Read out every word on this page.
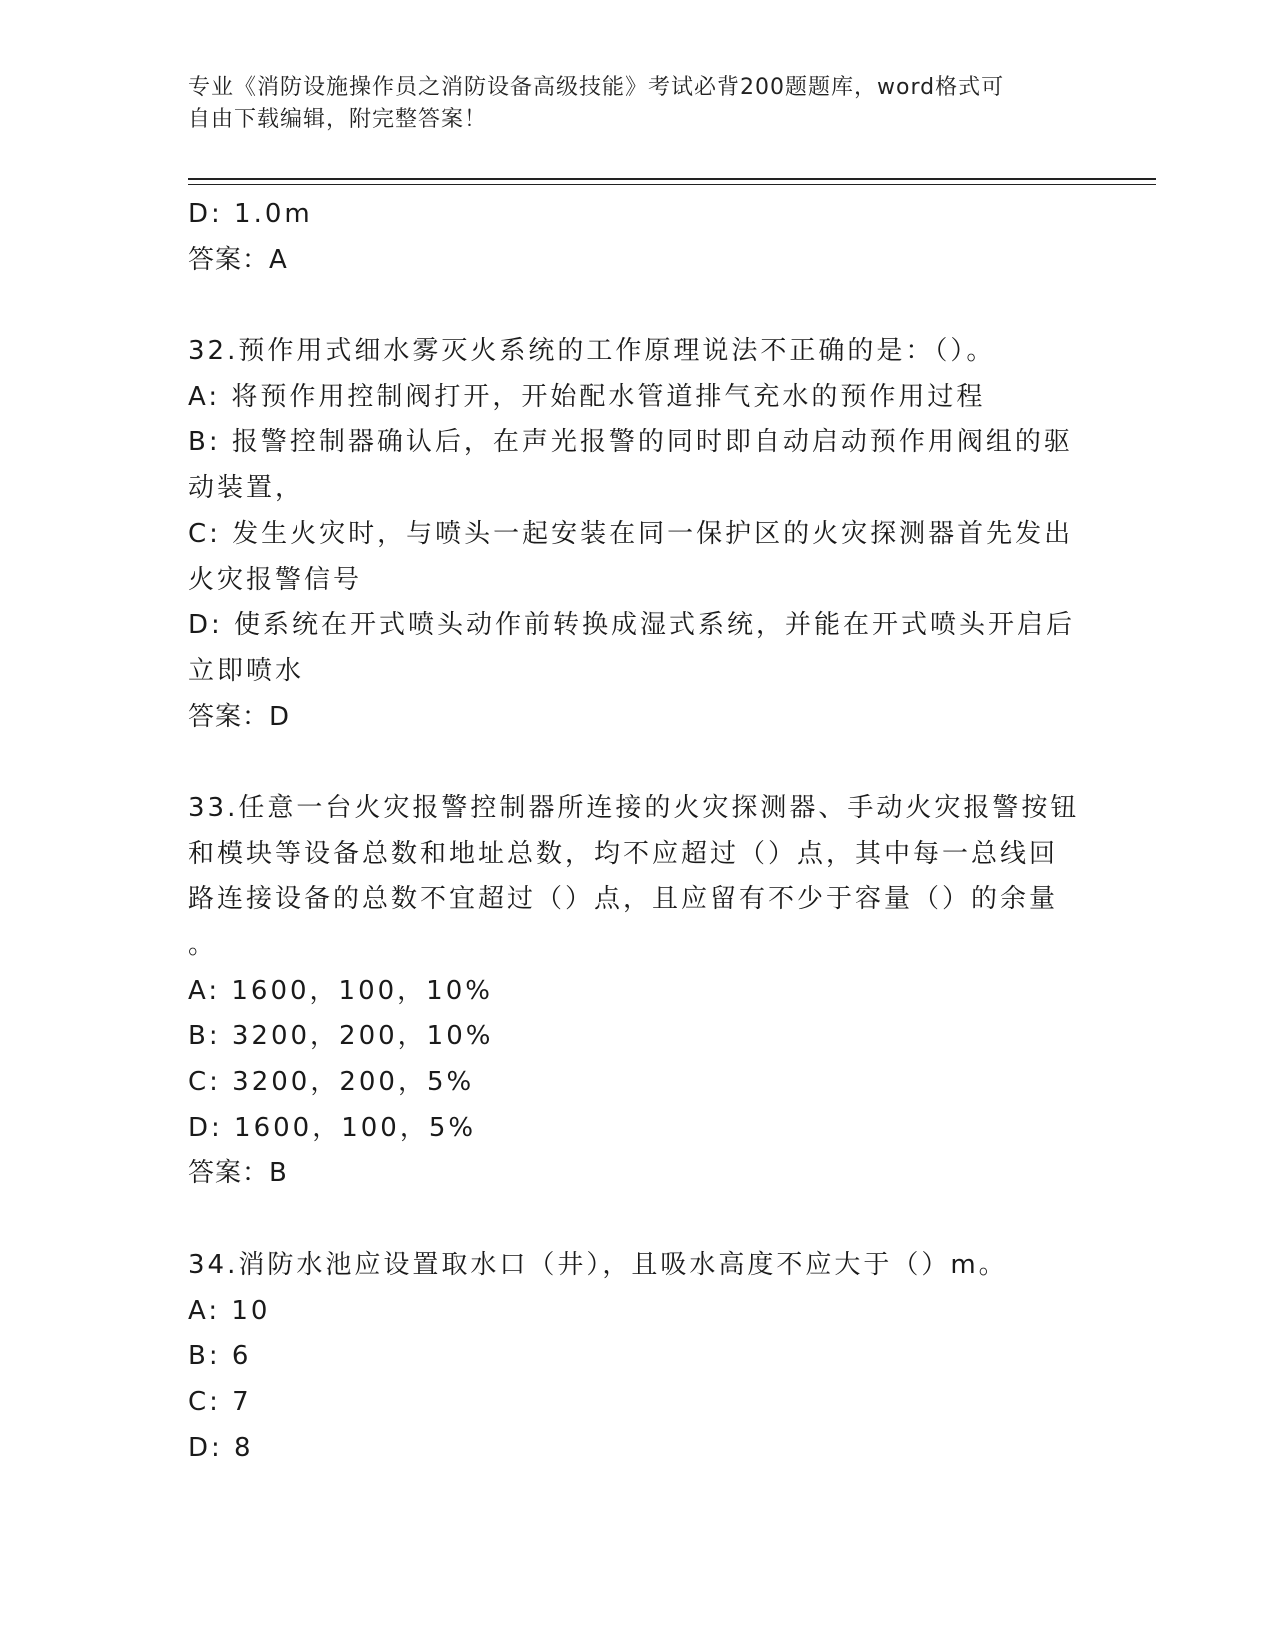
专业《消防设施操作员之消防设备高级技能》考试必背200题题库，word格式可
自由下载编辑，附完整答案！
D: 1.0m
答案：A
32.预作用式细水雾灭火系统的工作原理说法不正确的是：（）。
A: 将预作用控制阀打开，开始配水管道排气充水的预作用过程
B: 报警控制器确认后，在声光报警的同时即自动启动预作用阀组的驱
动装置，
C: 发生火灾时，与喷头一起安装在同一保护区的火灾探测器首先发出
火灾报警信号
D: 使系统在开式喷头动作前转换成湿式系统，并能在开式喷头开启后
立即喷水
答案：D
33.任意一台火灾报警控制器所连接的火灾探测器、手动火灾报警按钮
和模块等设备总数和地址总数，均不应超过（）点，其中每一总线回
路连接设备的总数不宜超过（）点，且应留有不少于容量（）的余量
。
A: 1600，100，10%
B: 3200，200，10%
C: 3200，200，5%
D: 1600，100，5%
答案：B
34.消防水池应设置取水口（井），且吸水高度不应大于（）m。
A: 10
B: 6
C: 7
D: 8
